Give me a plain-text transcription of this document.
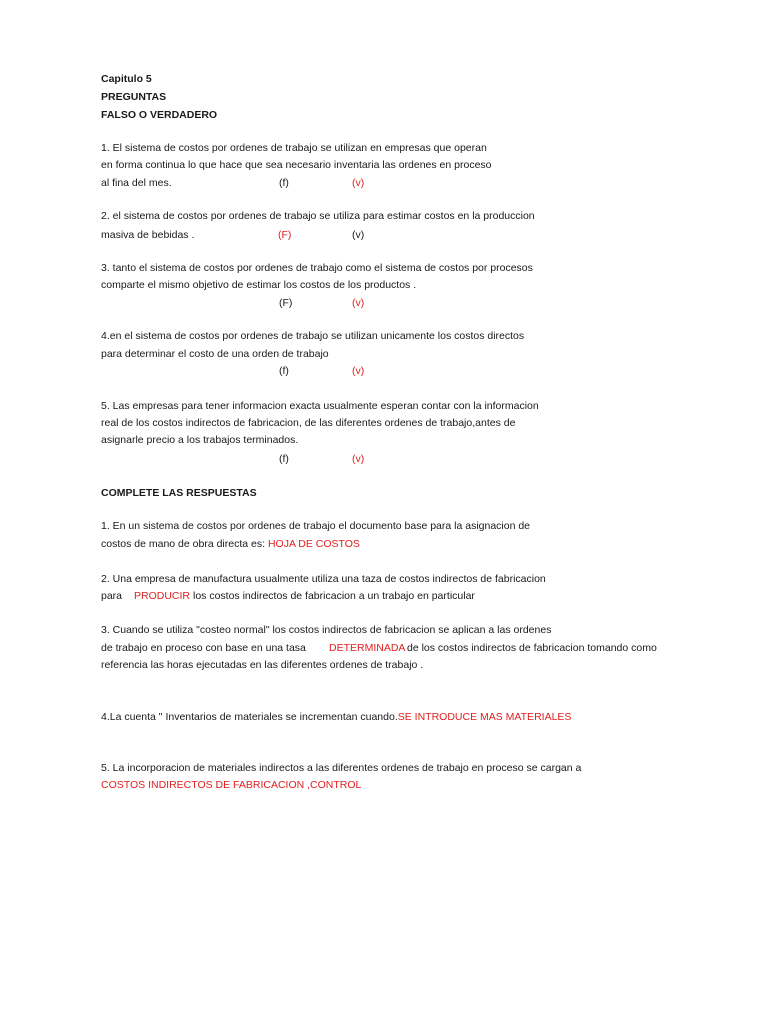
Capitulo 5
PREGUNTAS
FALSO O VERDADERO
1. El sistema de costos por ordenes de trabajo se utilizan en empresas que operan
en forma continua lo que hace que sea necesario inventaria las ordenes en proceso
al fina del mes.	(f)	(v)
2. el sistema de costos por ordenes de trabajo se utiliza para estimar costos en la produccion
masiva de bebidas .	(F)	(v)
3. tanto el sistema de costos por ordenes de trabajo como el sistema de costos por procesos
comparte el mismo objetivo de estimar los costos de los productos .
(F)	(v)
4.en el sistema de costos por ordenes de trabajo se utilizan unicamente los costos directos
para determinar el costo de una orden de trabajo
(f)	(v)
5. Las empresas para tener informacion exacta usualmente esperan contar con la informacion
real de los costos indirectos de fabricacion, de las diferentes ordenes de trabajo,antes de
asignarle precio a los trabajos terminados.
(f)	(v)
COMPLETE LAS RESPUESTAS
1. En un sistema de costos por ordenes de trabajo el documento base para la asignacion de
costos de mano de obra directa es: HOJA DE COSTOS
2. Una empresa de manufactura usualmente utiliza una taza de costos indirectos de fabricacion
para PRODUCIR los costos indirectos de fabricacion a un trabajo en particular
3. Cuando se utiliza "costeo normal" los costos indirectos de fabricacion se aplican a las ordenes
de trabajo en proceso con base en una tasa DETERMINADA de los costos indirectos de fabricacion tomando como
referencia las horas ejecutadas en las diferentes ordenes de trabajo .
4.La cuenta " Inventarios de materiales se incrementan cuando.SE INTRODUCE MAS MATERIALES
5. La incorporacion de materiales indirectos a las diferentes ordenes de trabajo en proceso se cargan a
COSTOS INDIRECTOS DE FABRICACION ,CONTROL
